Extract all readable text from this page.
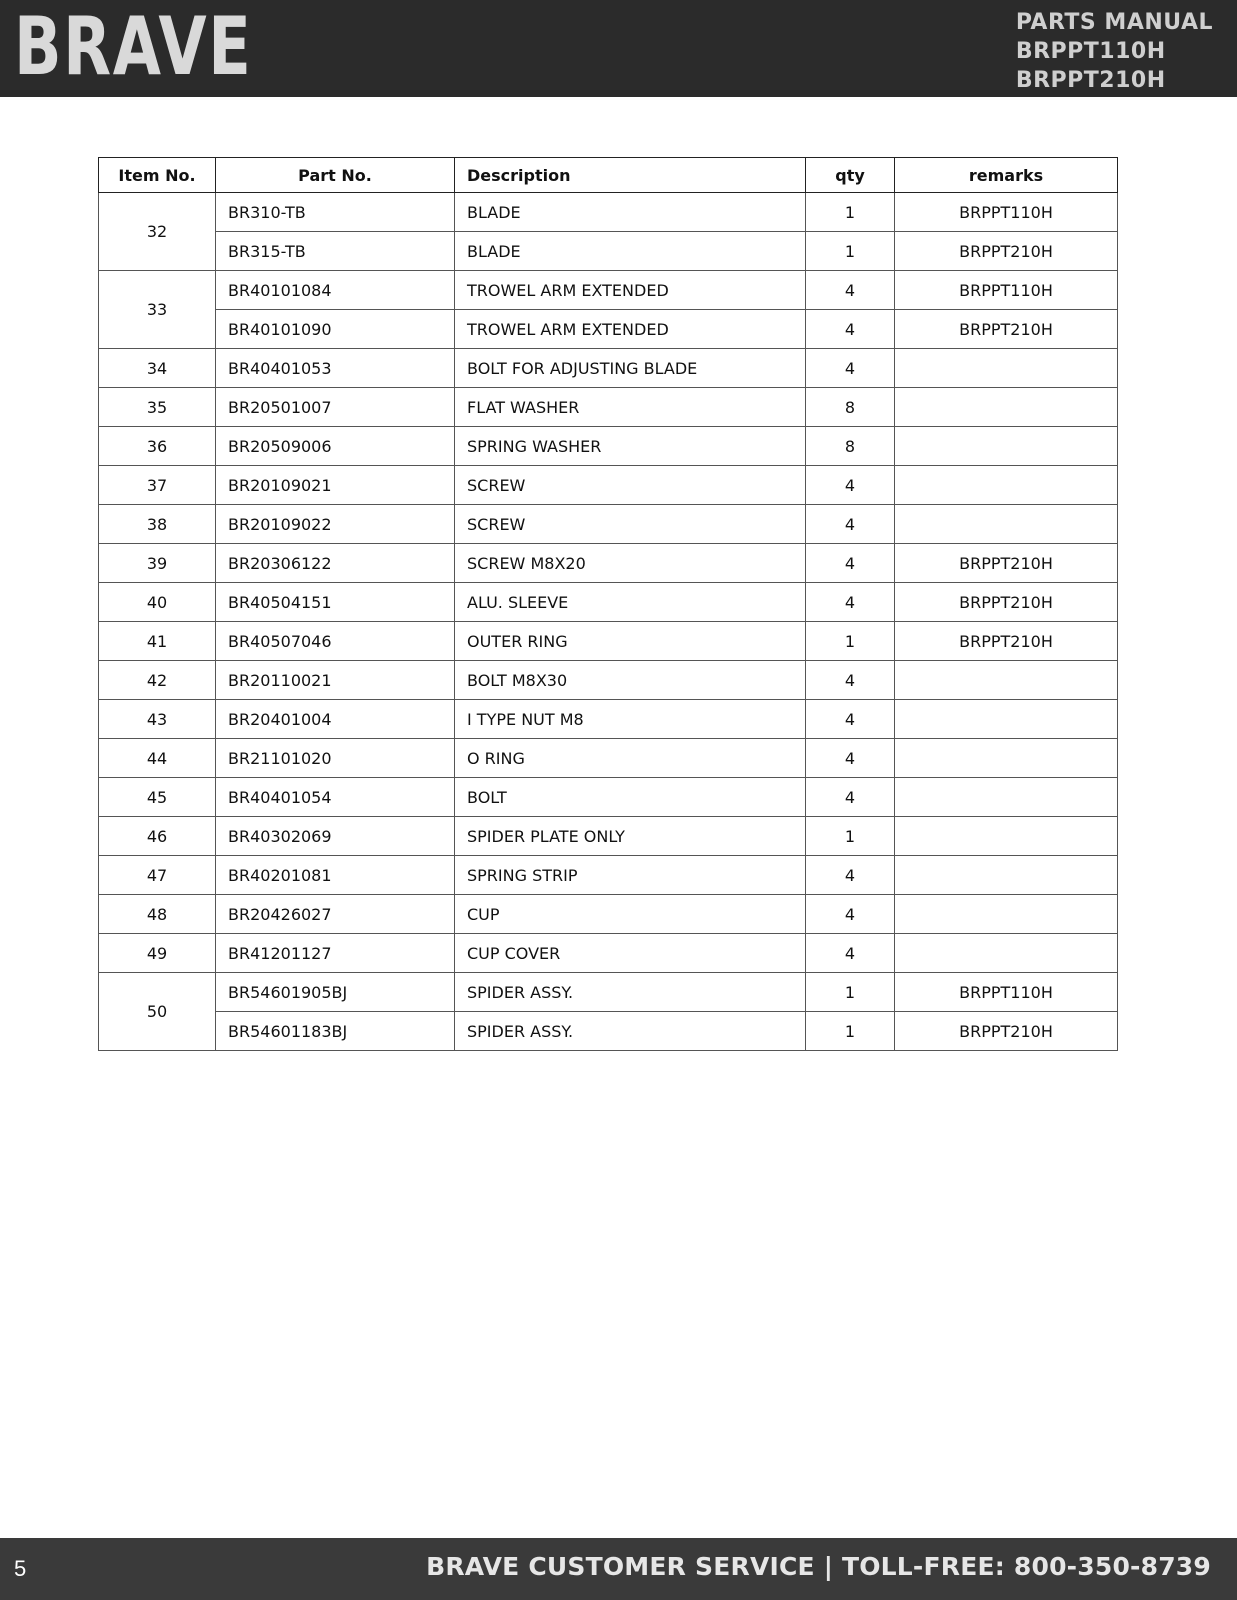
BRAVE	PARTS MANUAL
BRPPT110H
BRPPT210H
Item No.	Part No.	Description	qty	remarks
32	BR310-TB	BLADE	1	BRPPT110H
	BR315-TB	BLADE	1	BRPPT210H
33	BR40101084	TROWEL ARM EXTENDED	4	BRPPT110H
	BR40101090	TROWEL ARM EXTENDED	4	BRPPT210H
34	BR40401053	BOLT FOR ADJUSTING BLADE	4	
35	BR20501007	FLAT WASHER	8	
36	BR20509006	SPRING WASHER	8	
37	BR20109021	SCREW	4	
38	BR20109022	SCREW	4	
39	BR20306122	SCREW M8X20	4	BRPPT210H
40	BR40504151	ALU. SLEEVE	4	BRPPT210H
41	BR40507046	OUTER RING	1	BRPPT210H
42	BR20110021	BOLT M8X30	4	
43	BR20401004	I TYPE NUT M8	4	
44	BR21101020	O RING	4	
45	BR40401054	BOLT	4	
46	BR40302069	SPIDER PLATE ONLY	1	
47	BR40201081	SPRING STRIP	4	
48	BR20426027	CUP	4	
49	BR41201127	CUP COVER	4	
50	BR54601905BJ	SPIDER ASSY.	1	BRPPT110H
	BR54601183BJ	SPIDER ASSY.	1	BRPPT210H
5	BRAVE CUSTOMER SERVICE | TOLL-FREE: 800-350-8739
